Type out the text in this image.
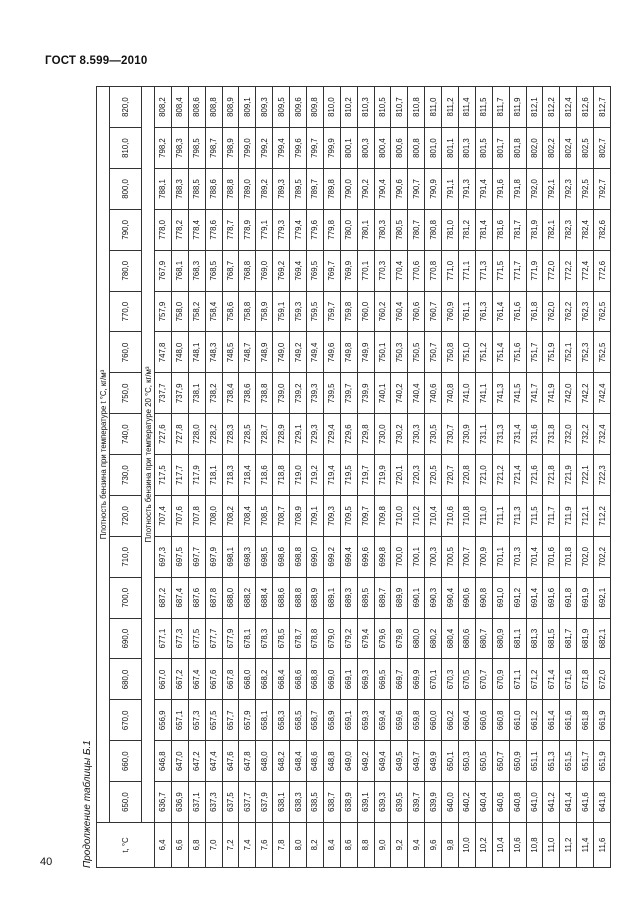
ГОСТ 8.599—2010
Продолжение таблицы Б.1	t, °C	Плотность бензина при температуре t °С, кг/м³																	
	650,0	660,0	670,0	680,0	690,0	700,0	710,0	720,0	730,0	740,0	750,0	760,0	770,0	780,0	790,0	800,0	810,0	820,0
	Плотность бензина при температуре 20 °С, кг/м³																	
6,4	636,7	646,8	656,9	667,0	677,1	687,2	697,3	707,4	717,5	727,6	737,7	747,8	757,9	767,9	778,0	788,1	798,2	808,2
6,6	636,9	647,0	657,1	667,2	677,3	687,4	697,5	707,6	717,7	727,8	737,9	748,0	758,0	768,1	778,2	788,3	798,3	808,4
6,8	637,1	647,2	657,3	667,4	677,5	687,6	697,7	707,8	717,9	728,0	738,1	748,1	758,2	768,3	778,4	788,5	798,5	808,6
7,0	637,3	647,4	657,5	667,6	677,7	687,8	697,9	708,0	718,1	728,2	738,2	748,3	758,4	768,5	778,6	788,6	798,7	808,8
7,2	637,5	647,6	657,7	667,8	677,9	688,0	698,1	708,2	718,3	728,3	738,4	748,5	758,6	768,7	778,7	788,8	798,9	808,9
7,4	637,7	647,8	657,9	668,0	678,1	688,2	698,3	708,4	718,4	728,5	738,6	748,7	758,8	768,8	778,9	789,0	799,0	809,1
7,6	637,9	648,0	658,1	668,2	678,3	688,4	698,5	708,5	718,6	728,7	738,8	748,9	758,9	769,0	779,1	789,2	799,2	809,3
7,8	638,1	648,2	658,3	668,4	678,5	688,6	698,6	708,7	718,8	728,9	739,0	749,0	759,1	769,2	779,3	789,3	799,4	809,5
8,0	638,3	648,4	658,5	668,6	678,7	688,8	698,8	708,9	719,0	729,1	739,2	749,2	759,3	769,4	779,4	789,5	799,6	809,6
8,2	638,5	648,6	658,7	668,8	678,8	688,9	699,0	709,1	719,2	729,3	739,3	749,4	759,5	769,5	779,6	789,7	799,7	809,8
8,4	638,7	648,8	658,9	669,0	679,0	689,1	699,2	709,3	719,4	729,4	739,5	749,6	759,7	769,7	779,8	789,8	799,9	810,0
8,6	638,9	649,0	659,1	669,1	679,2	689,3	699,4	709,5	719,5	729,6	739,7	749,8	759,8	769,9	780,0	790,0	800,1	810,2
8,8	639,1	649,2	659,3	669,3	679,4	689,5	699,6	709,7	719,7	729,8	739,9	749,9	760,0	770,1	780,1	790,2	800,3	810,3
9,0	639,3	649,4	659,4	669,5	679,6	689,7	699,8	709,8	719,9	730,0	740,1	750,1	760,2	770,3	780,3	790,4	800,4	810,5
9,2	639,5	649,5	659,6	669,7	679,8	689,9	700,0	710,0	720,1	730,2	740,2	750,3	760,4	770,4	780,5	790,6	800,6	810,7
9,4	639,7	649,7	659,8	669,9	680,0	690,1	700,1	710,2	720,3	730,3	740,4	750,5	760,6	770,6	780,7	790,7	800,8	810,8
9,6	639,9	649,9	660,0	670,1	680,2	690,3	700,3	710,4	720,5	730,5	740,6	750,7	760,7	770,8	780,8	790,9	801,0	811,0
9,8	640,0	650,1	660,2	670,3	680,4	690,4	700,5	710,6	720,7	730,7	740,8	750,8	760,9	771,0	781,0	791,1	801,1	811,2
10,0	640,2	650,3	660,4	670,5	680,6	690,6	700,7	710,8	720,8	730,9	741,0	751,0	761,1	771,1	781,2	791,3	801,3	811,4
10,2	640,4	650,5	660,6	670,7	680,7	690,8	700,9	711,0	721,0	731,1	741,1	751,2	761,3	771,3	781,4	791,4	801,5	811,5
10,4	640,6	650,7	660,8	670,9	680,9	691,0	701,1	711,1	721,2	731,3	741,3	751,4	761,4	771,5	781,6	791,6	801,7	811,7
10,6	640,8	650,9	661,0	671,1	681,1	691,2	701,3	711,3	721,4	731,4	741,5	751,6	761,6	771,7	781,7	791,8	801,8	811,9
10,8	641,0	651,1	661,2	671,2	681,3	691,4	701,4	711,5	721,6	731,6	741,7	751,7	761,8	771,9	781,9	792,0	802,0	812,1
11,0	641,2	651,3	661,4	671,4	681,5	691,6	701,6	711,7	721,8	731,8	741,9	751,9	762,0	772,0	782,1	792,1	802,2	812,2
11,2	641,4	651,5	661,6	671,6	681,7	691,8	701,8	711,9	721,9	732,0	742,0	752,1	762,2	772,2	782,3	792,3	802,4	812,4
11,4	641,6	651,7	661,8	671,8	681,9	691,9	702,0	712,1	722,1	732,2	742,2	752,3	762,3	772,4	782,4	792,5	802,5	812,6
11,6	641,8	651,9	661,9	672,0	682,1	692,1	702,2	712,2	722,3	732,4	742,4	752,5	762,5	772,6	782,6	792,7	802,7	812,7
40
